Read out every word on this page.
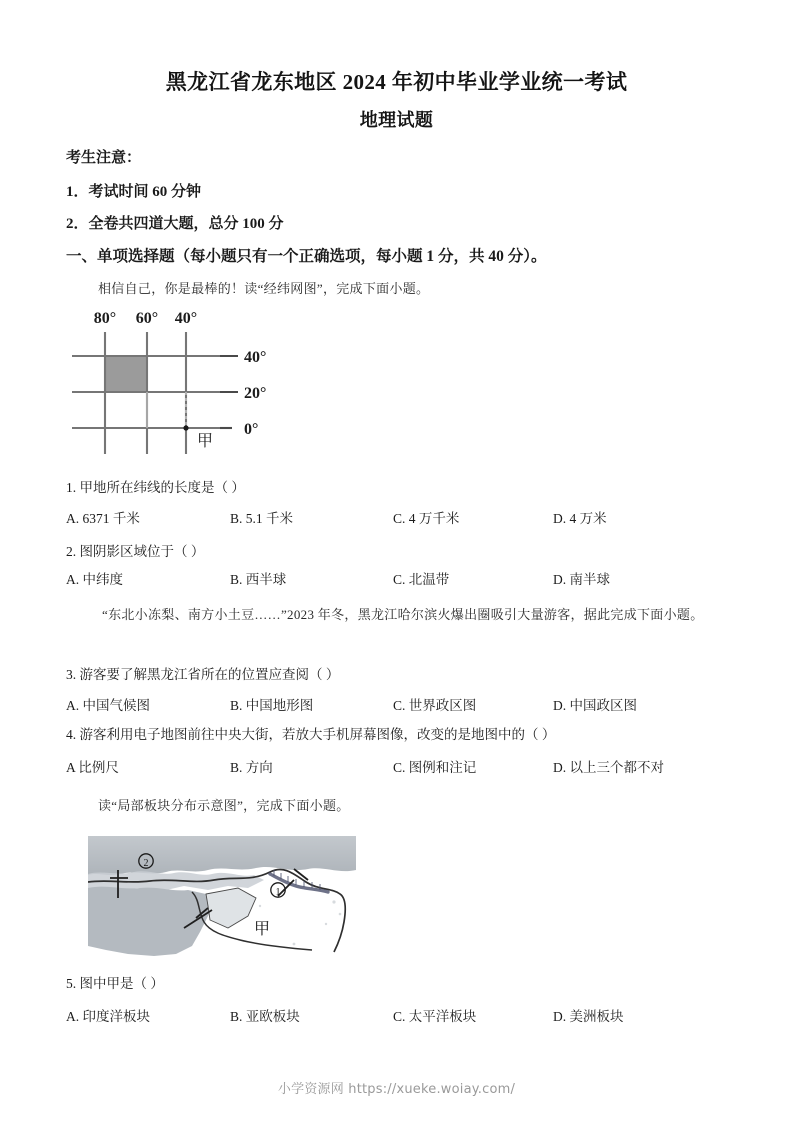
黑龙江省龙东地区 2024 年初中毕业学业统一考试
地理试题
考生注意：
1．考试时间 60 分钟
2．全卷共四道大题，总分 100 分
一、单项选择题（每小题只有一个正确选项，每小题 1 分，共 40 分）。
相信自己，你是最棒的！读“经纬网图”，完成下面小题。
80° 60° 40°
甲
40°
20°
0°
1. 甲地所在纬线的长度是（ ）
A. 6371 千米	B. 5.1 千米	C. 4 万千米	D. 4 万米
2. 图阴影区域位于（ ）
A. 中纬度	B. 西半球	C. 北温带	D. 南半球
“东北小冻梨、南方小土豆……”2023 年冬，黑龙江哈尔滨火爆出圈吸引大量游客，据此完成下面小题。
3. 游客要了解黑龙江省所在的位置应查阅（ ）
A. 中国气候图	B. 中国地形图	C. 世界政区图	D. 中国政区图
4. 游客利用电子地图前往中央大街，若放大手机屏幕图像，改变的是地图中的（ ）
A 比例尺	B. 方向	C. 图例和注记	D. 以上三个都不对
读“局部板块分布示意图”，完成下面小题。
2
1
甲
5. 图中甲是（ ）
A. 印度洋板块	B. 亚欧板块	C. 太平洋板块	D. 美洲板块
小学资源网 https://xueke.woiay.com/
